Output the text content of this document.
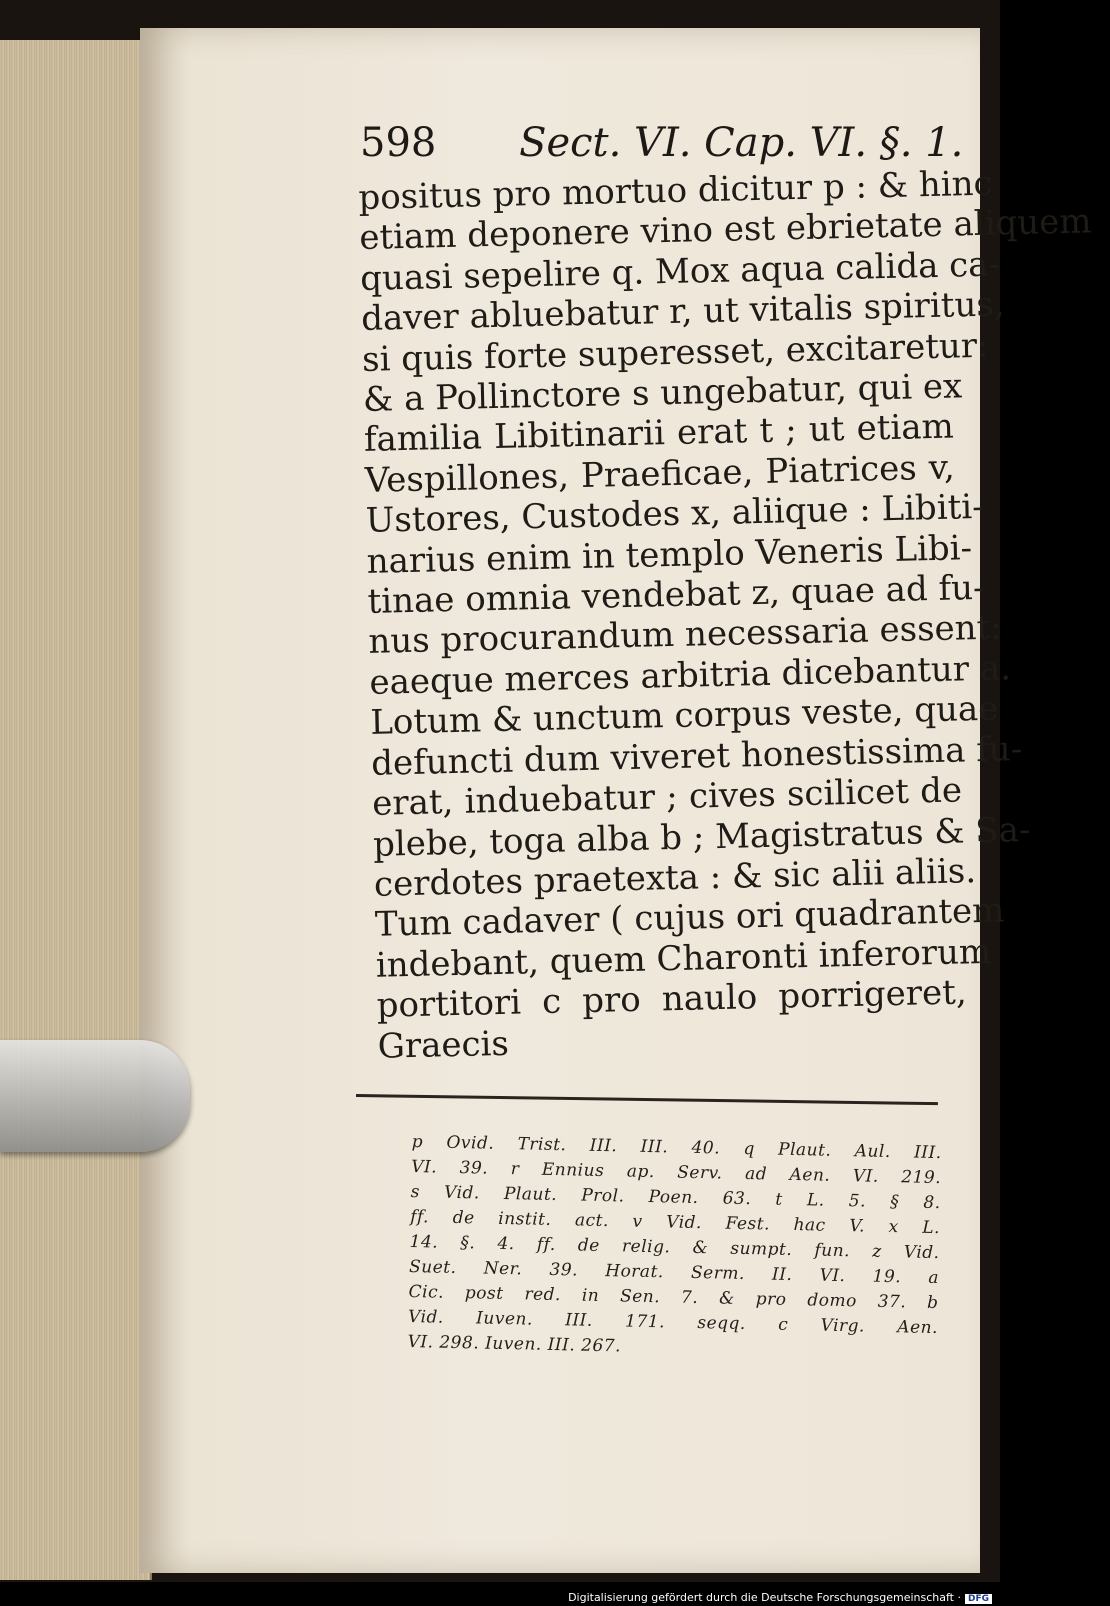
598 Sect. VI. Cap. VI. §. 1.
positus pro mortuo dicitur p : & hinc
etiam deponere vino est ebrietate aliquem
quasi sepelire q. Mox aqua calida ca-
daver abluebatur r, ut vitalis spiritus,
si quis forte superesset, excitaretur:
& a Pollinctore s ungebatur, qui ex
familia Libitinarii erat t ; ut etiam
Vespillones, Praeficae, Piatrices v,
Ustores, Custodes x, aliique : Libiti-
narius enim in templo Veneris Libi-
tinae omnia vendebat z, quae ad fu-
nus procurandum necessaria essent:
eaeque merces arbitria dicebantur a.
Lotum & unctum corpus veste, quae
defuncti dum viveret honestissima fu-
erat, induebatur ; cives scilicet de
plebe, toga alba b ; Magistratus & Sa-
cerdotes praetexta : & sic alii aliis.
Tum cadaver ( cujus ori quadrantem
indebant, quem Charonti inferorum
portitori c pro naulo porrigeret,
Graecis
p Ovid. Trist. III. III. 40. q Plaut. Aul. III.
VI. 39. r Ennius ap. Serv. ad Aen. VI. 219.
s Vid. Plaut. Prol. Poen. 63. t L. 5. § 8.
ff. de instit. act. v Vid. Fest. hac V. x L.
14. §. 4. ff. de relig. & sumpt. fun. z Vid.
Suet. Ner. 39. Horat. Serm. II. VI. 19. a
Cic. post red. in Sen. 7. & pro domo 37. b
Vid. Iuven. III. 171. seqq. c Virg. Aen.
VI. 298. Iuven. III. 267.
Digitalisierung gefördert durch die Deutsche Forschungsgemeinschaft · DFG
